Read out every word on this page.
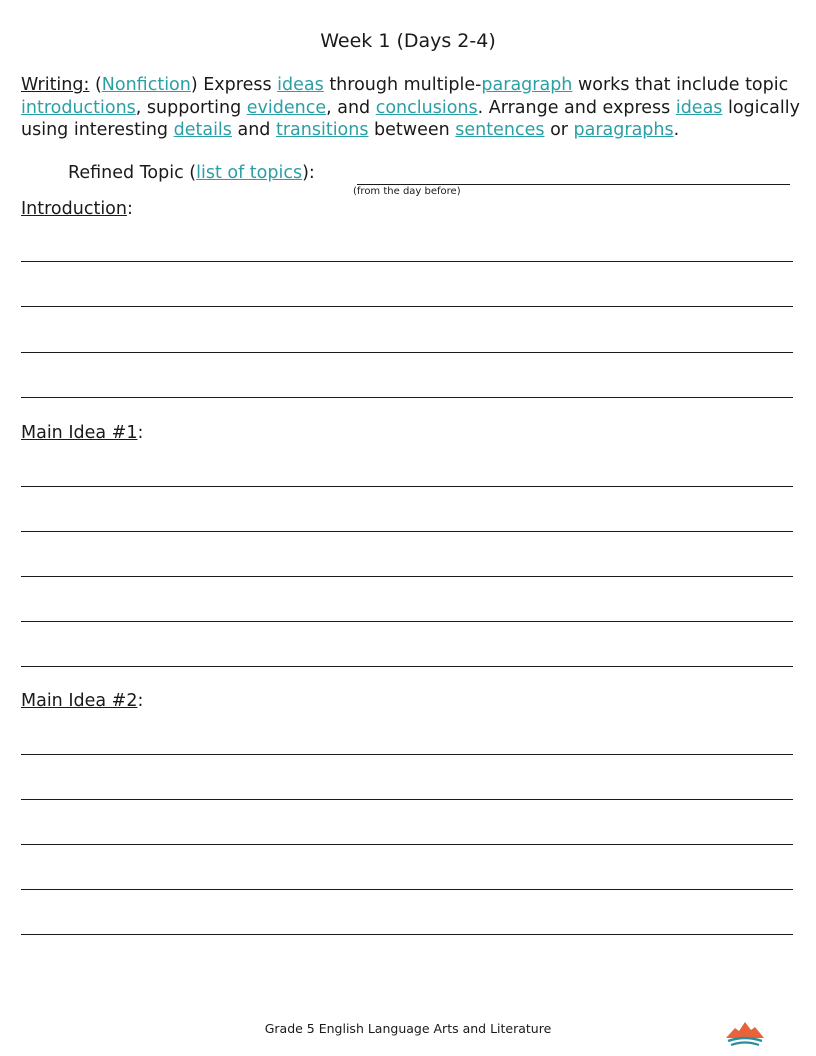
Week 1 (Days 2-4)
Writing: (Nonfiction) Express ideas through multiple-paragraph works that include topic introductions, supporting evidence, and conclusions. Arrange and express ideas logically using interesting details and transitions between sentences or paragraphs.
Refined Topic (list of topics):
(from the day before)
Introduction:
Main Idea #1:
Main Idea #2:
Grade 5 English Language Arts and Literature
